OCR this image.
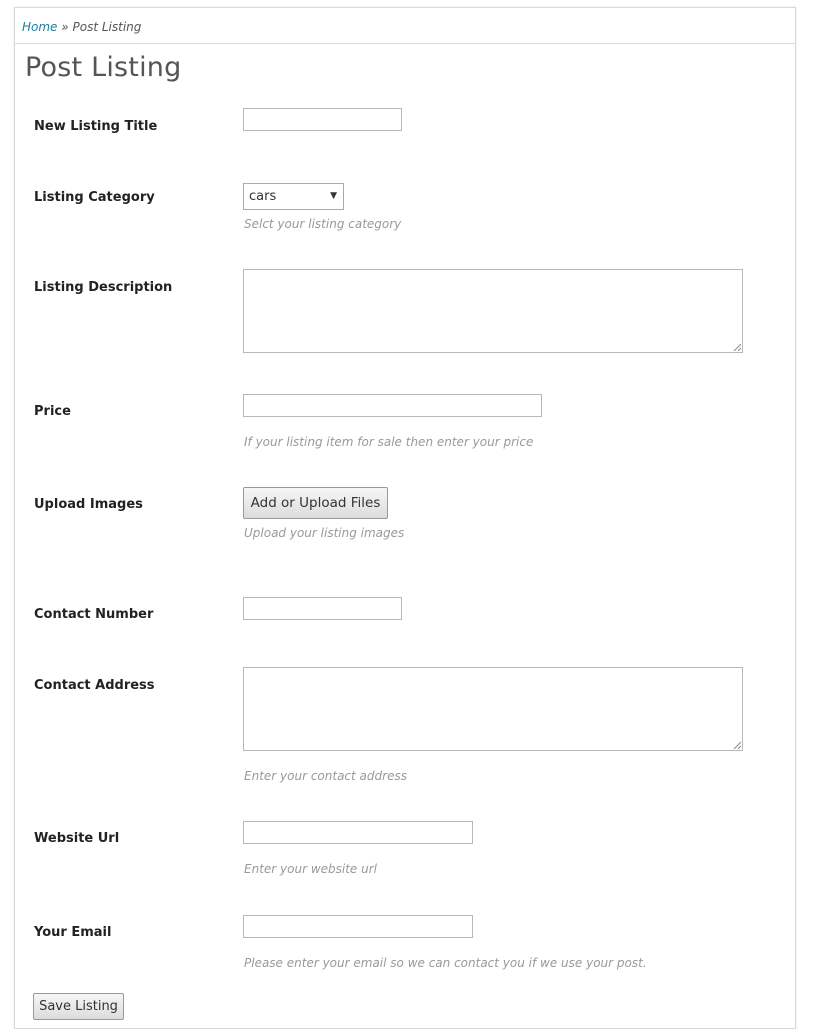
Home » Post Listing
Post Listing
New Listing Title
Listing Category	cars	▼
Selct your listing category
Listing Description
Price
If your listing item for sale then enter your price
Upload Images	Add or Upload Files
Upload your listing images
Contact Number
Contact Address
Enter your contact address
Website Url
Enter your website url
Your Email
Please enter your email so we can contact you if we use your post.
Save Listing
